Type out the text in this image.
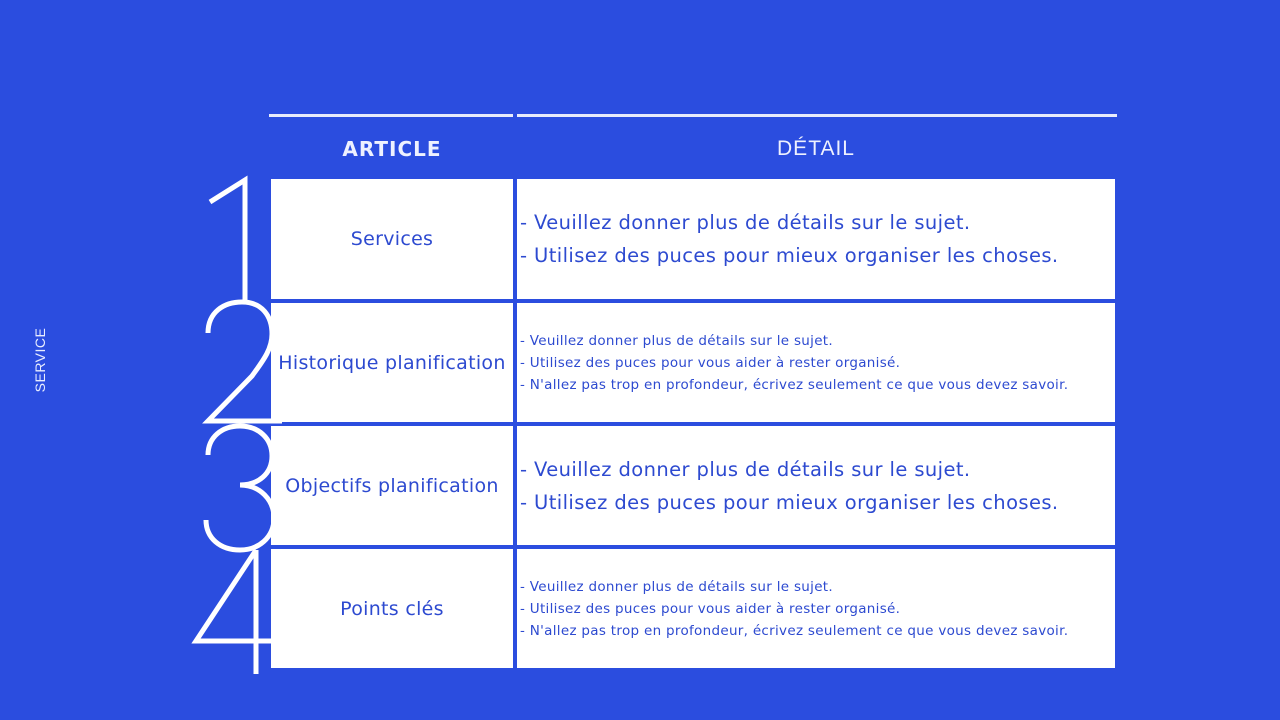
SERVICE
ARTICLE	DÉTAIL
Services
- Veuillez donner plus de détails sur le sujet.
- Utilisez des puces pour mieux organiser les choses.
Historique planification
- Veuillez donner plus de détails sur le sujet.
- Utilisez des puces pour vous aider à rester organisé.
- N'allez pas trop en profondeur, écrivez seulement ce que vous devez savoir.
Objectifs planification
- Veuillez donner plus de détails sur le sujet.
- Utilisez des puces pour mieux organiser les choses.
Points clés
- Veuillez donner plus de détails sur le sujet.
- Utilisez des puces pour vous aider à rester organisé.
- N'allez pas trop en profondeur, écrivez seulement ce que vous devez savoir.
